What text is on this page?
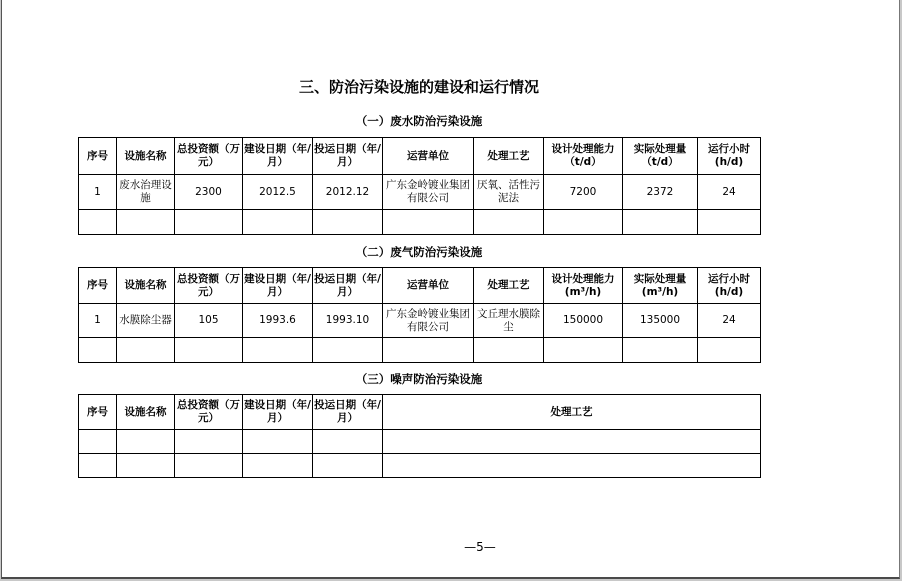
三、防治污染设施的建设和运行情况
（一）废水防治污染设施
序号	设施名称	总投资额（万元）	建设日期（年/月）	投运日期（年/月）	运营单位	处理工艺	设计处理能力（t/d）	实际处理量（t/d）	运行小时(h/d)
1	废水治理设施	2300	2012.5	2012.12	广东金岭镀业集团有限公司	厌氧、活性污泥法	7200	2372	24

（二）废气防治污染设施
序号	设施名称	总投资额（万元）	建设日期（年/月）	投运日期（年/月）	运营单位	处理工艺	设计处理能力(m³/h)	实际处理量(m³/h)	运行小时(h/d)
1	水膜除尘器	105	1993.6	1993.10	广东金岭镀业集团有限公司	文丘理水膜除尘	150000	135000	24

（三）噪声防治污染设施
序号	设施名称	总投资额（万元）	建设日期（年/月）	投运日期（年/月）	处理工艺

—5—
